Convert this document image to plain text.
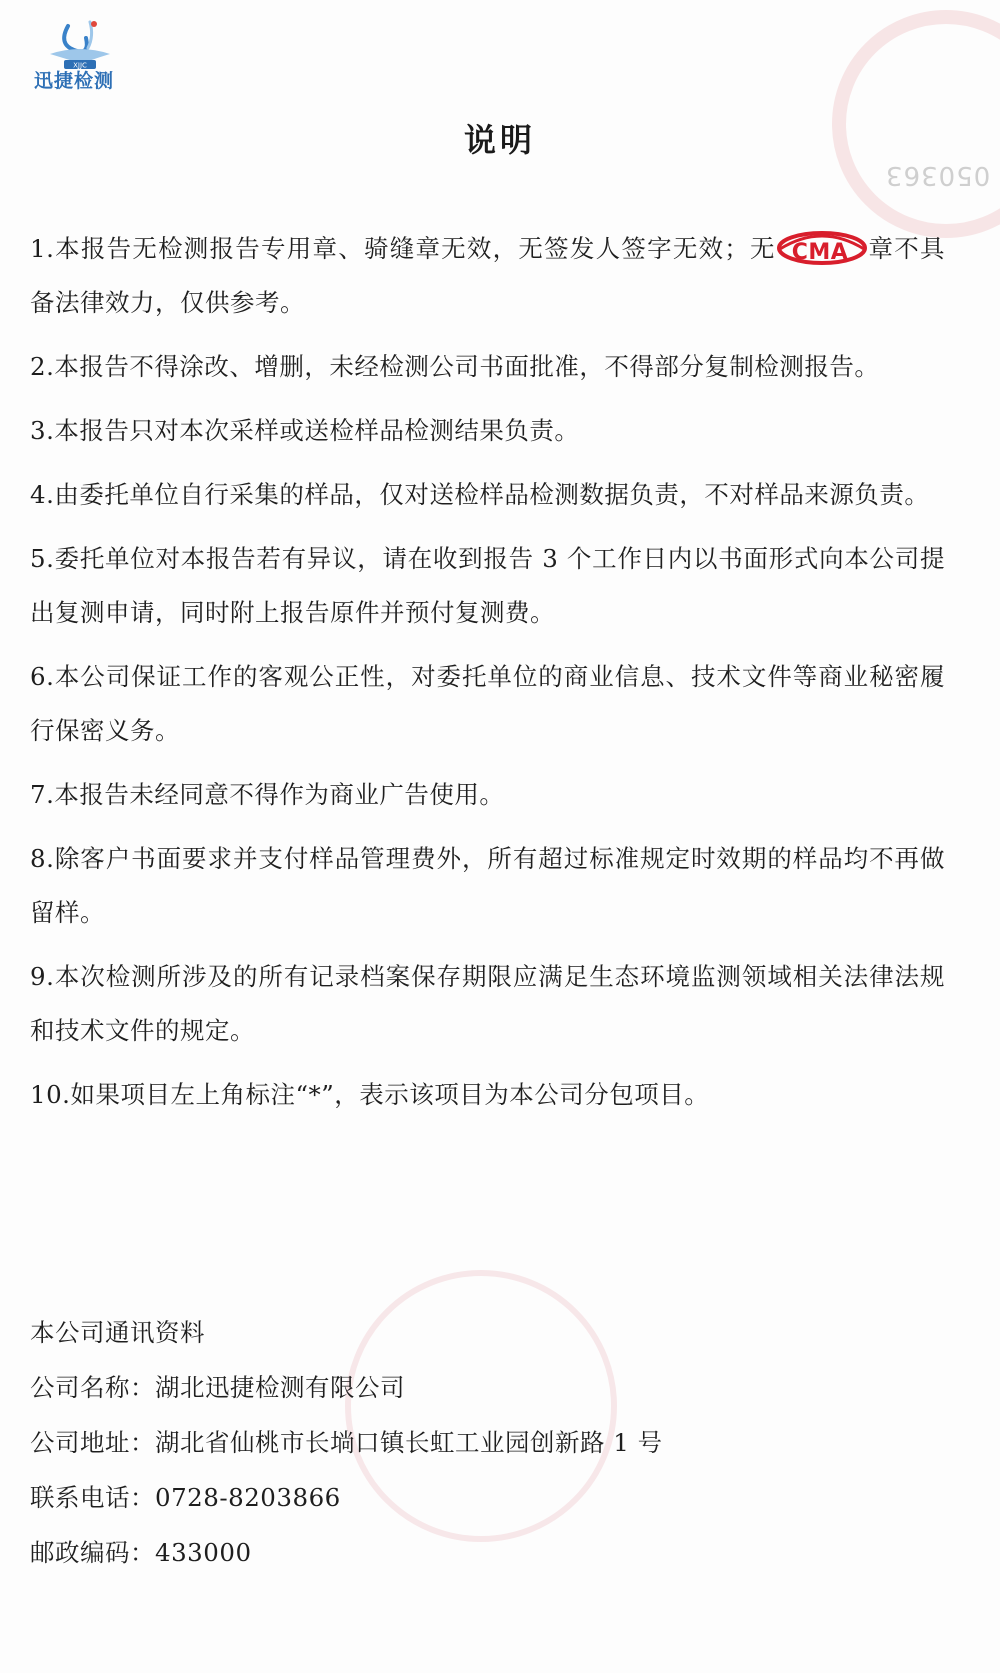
050363
XJJC
迅捷检测
说明

1.本报告无检测报告专用章、骑缝章无效，无签发人签字无效；无 CMA 章不具备法律效力，仅供参考。

2.本报告不得涂改、增删，未经检测公司书面批准，不得部分复制检测报告。

3.本报告只对本次采样或送检样品检测结果负责。

4.由委托单位自行采集的样品，仅对送检样品检测数据负责，不对样品来源负责。

5.委托单位对本报告若有异议，请在收到报告 3 个工作日内以书面形式向本公司提出复测申请，同时附上报告原件并预付复测费。

6.本公司保证工作的客观公正性，对委托单位的商业信息、技术文件等商业秘密履行保密义务。

7.本报告未经同意不得作为商业广告使用。

8.除客户书面要求并支付样品管理费外，所有超过标准规定时效期的样品均不再做留样。

9.本次检测所涉及的所有记录档案保存期限应满足生态环境监测领域相关法律法规和技术文件的规定。

10.如果项目左上角标注“*”，表示该项目为本公司分包项目。

本公司通讯资料
公司名称：湖北迅捷检测有限公司
公司地址：湖北省仙桃市长埫口镇长虹工业园创新路 1 号
联系电话：0728-8203866
邮政编码：433000
